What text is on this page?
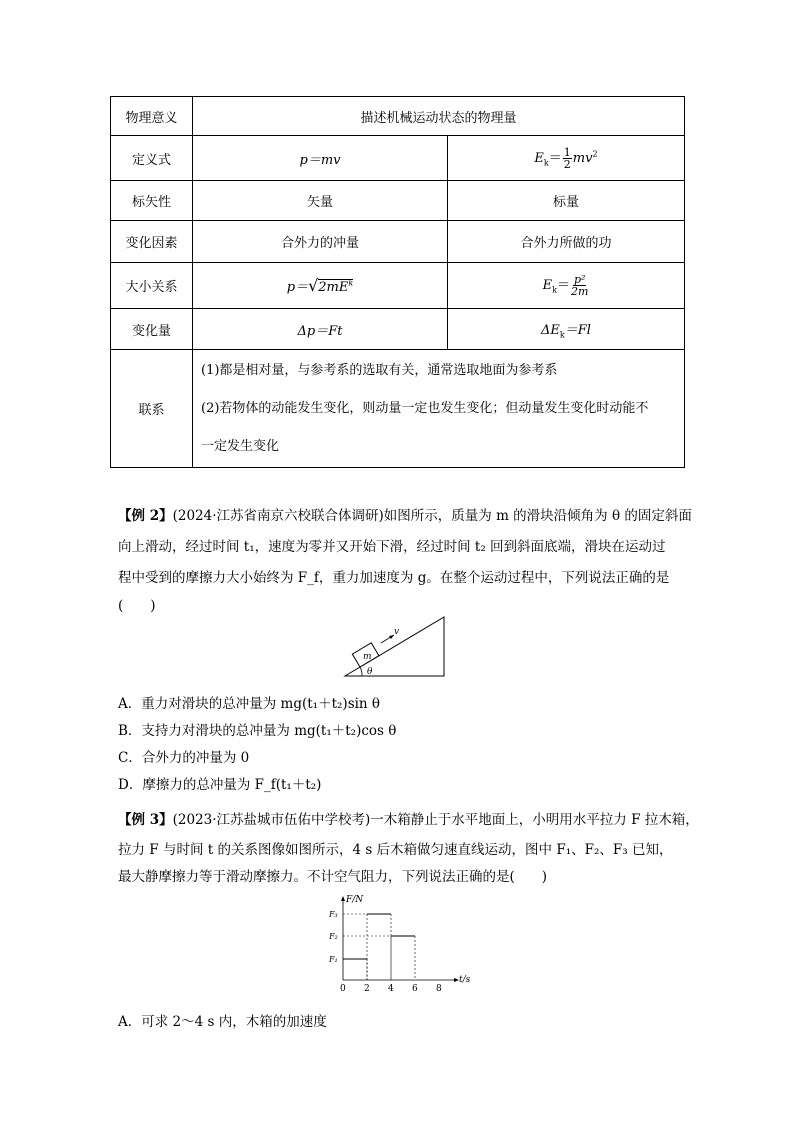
物理意义	描述机械运动状态的物理量	
定义式	p＝mv	$E_k= \frac{1}{2} mv^2$
标矢性	矢量	标量
变化因素	合外力的冲量	合外力所做的功
大小关系	$p=√2mE^k$	$E_k= \frac{\text{p²}}{2m}$

变化量	Δp＝Ft	$\Delta E_k=Fl$
联系	(1)都是相对量，与参考系的选取有关，通常选取地面为参考系
(2)若物体的动能发生变化，则动量一定也发生变化；但动量发生变化时动能不
一定发生变化	
【例 2】(2024·江苏省南京六校联合体调研)如图所示，质量为 m 的滑块沿倾角为 θ 的固定斜面
向上滑动，经过时间 t₁，速度为零并又开始下滑，经过时间 t₂ 回到斜面底端，滑块在运动过
程中受到的摩擦力大小始终为 F_f，重力加速度为 g。在整个运动过程中，下列说法正确的是
(　　)
m
v
θ
A．重力对滑块的总冲量为 mg(t₁＋t₂)sin θ
B．支持力对滑块的总冲量为 mg(t₁＋t₂)cos θ
C．合外力的冲量为 0
D．摩擦力的总冲量为 F_f(t₁＋t₂)
【例 3】(2023·江苏盐城市伍佑中学校考)一木箱静止于水平地面上，小明用水平拉力 F 拉木箱，
拉力 F 与时间 t 的关系图像如图所示，4 s 后木箱做匀速直线运动，图中 F₁、F₂、F₃ 已知，
最大静摩擦力等于滑动摩擦力。不计空气阻力，下列说法正确的是(　　)
F/N
t/s
0 2 4 6 8
F₁
F₂
F₃
A．可求 2～4 s 内，木箱的加速度
